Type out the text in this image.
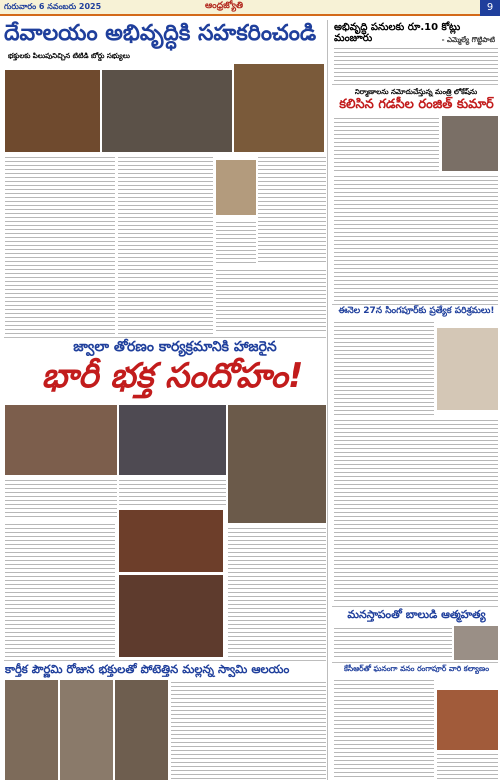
గురువారం 6 నవంబరు 2025	ఆంధ్రజ్యోతి	9
దేవాలయం అభివృద్ధికి సహకరించండి
భక్తులకు పిలుపునిచ్చిన టిటిడి బోర్డు సభ్యులు
జ్వాలా తోరణం కార్యక్రమానికి హాజరైన
భారీ భక్త సందోహం!
కార్తీక పౌర్ణమి రోజున భక్తులతో పోటెత్తిన మల్లన్న స్వామి ఆలయం
అభివృద్ధి పనులకు రూ.10 కోట్లు మంజూరు	- ఎమ్మెల్యే గొట్టిపాటి
నిర్మాణాలను నమోదుచేస్తున్న మంత్రి లోకేష్‌ను
కలిసిన గడసీల రంజిత్ కుమార్
ఈనెల 27న సింగపూర్‌కు ప్రత్యేక పరిశ్రమలు!
మనస్తాపంతో బాలుడి ఆత్మహత్య
కేసీఆర్‌తో ఘనంగా వనం రంగాపూర్ వారి కల్యాణం
